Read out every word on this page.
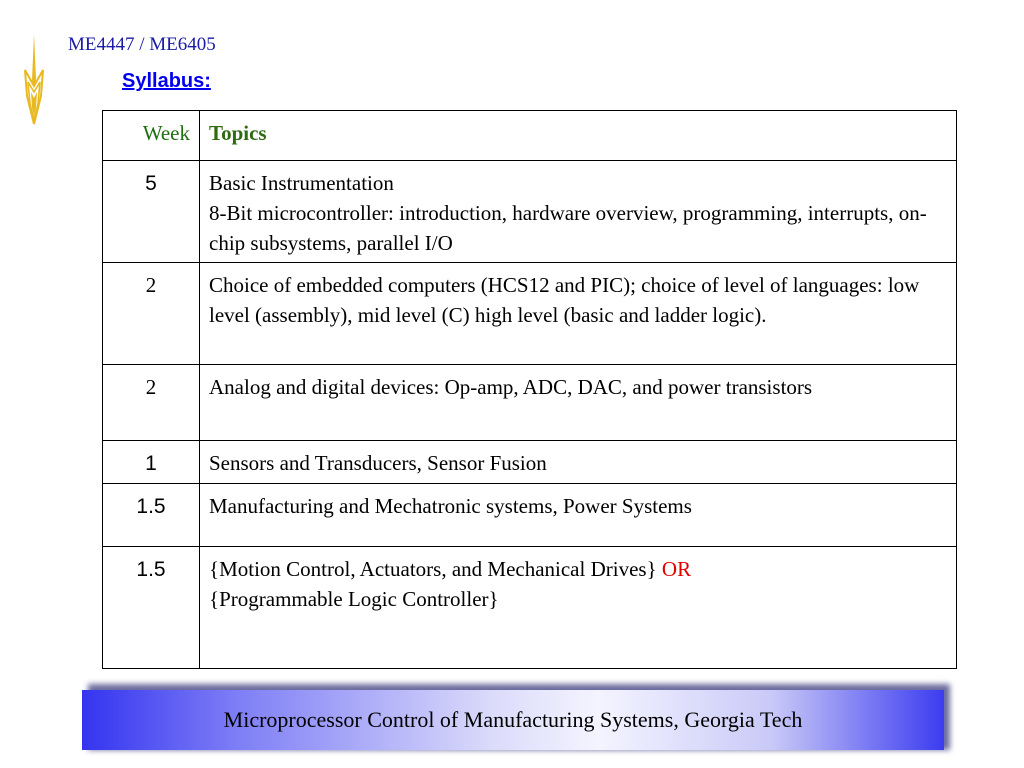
ME4447 / ME6405
Syllabus:
Week	Topics
5	Basic Instrumentation
8-Bit microcontroller: introduction, hardware overview, programming, interrupts, on-chip subsystems, parallel I/O

2	Choice of embedded computers (HCS12 and PIC); choice of level of languages: low level (assembly), mid level (C) high level (basic and ladder logic).

2	Analog and digital devices: Op-amp, ADC, DAC, and power transistors

1	Sensors and Transducers, Sensor Fusion

1.5	Manufacturing and Mechatronic systems, Power Systems

1.5	{Motion Control, Actuators, and Mechanical Drives} OR
{Programmable Logic Controller}
Microprocessor Control of Manufacturing Systems, Georgia Tech
